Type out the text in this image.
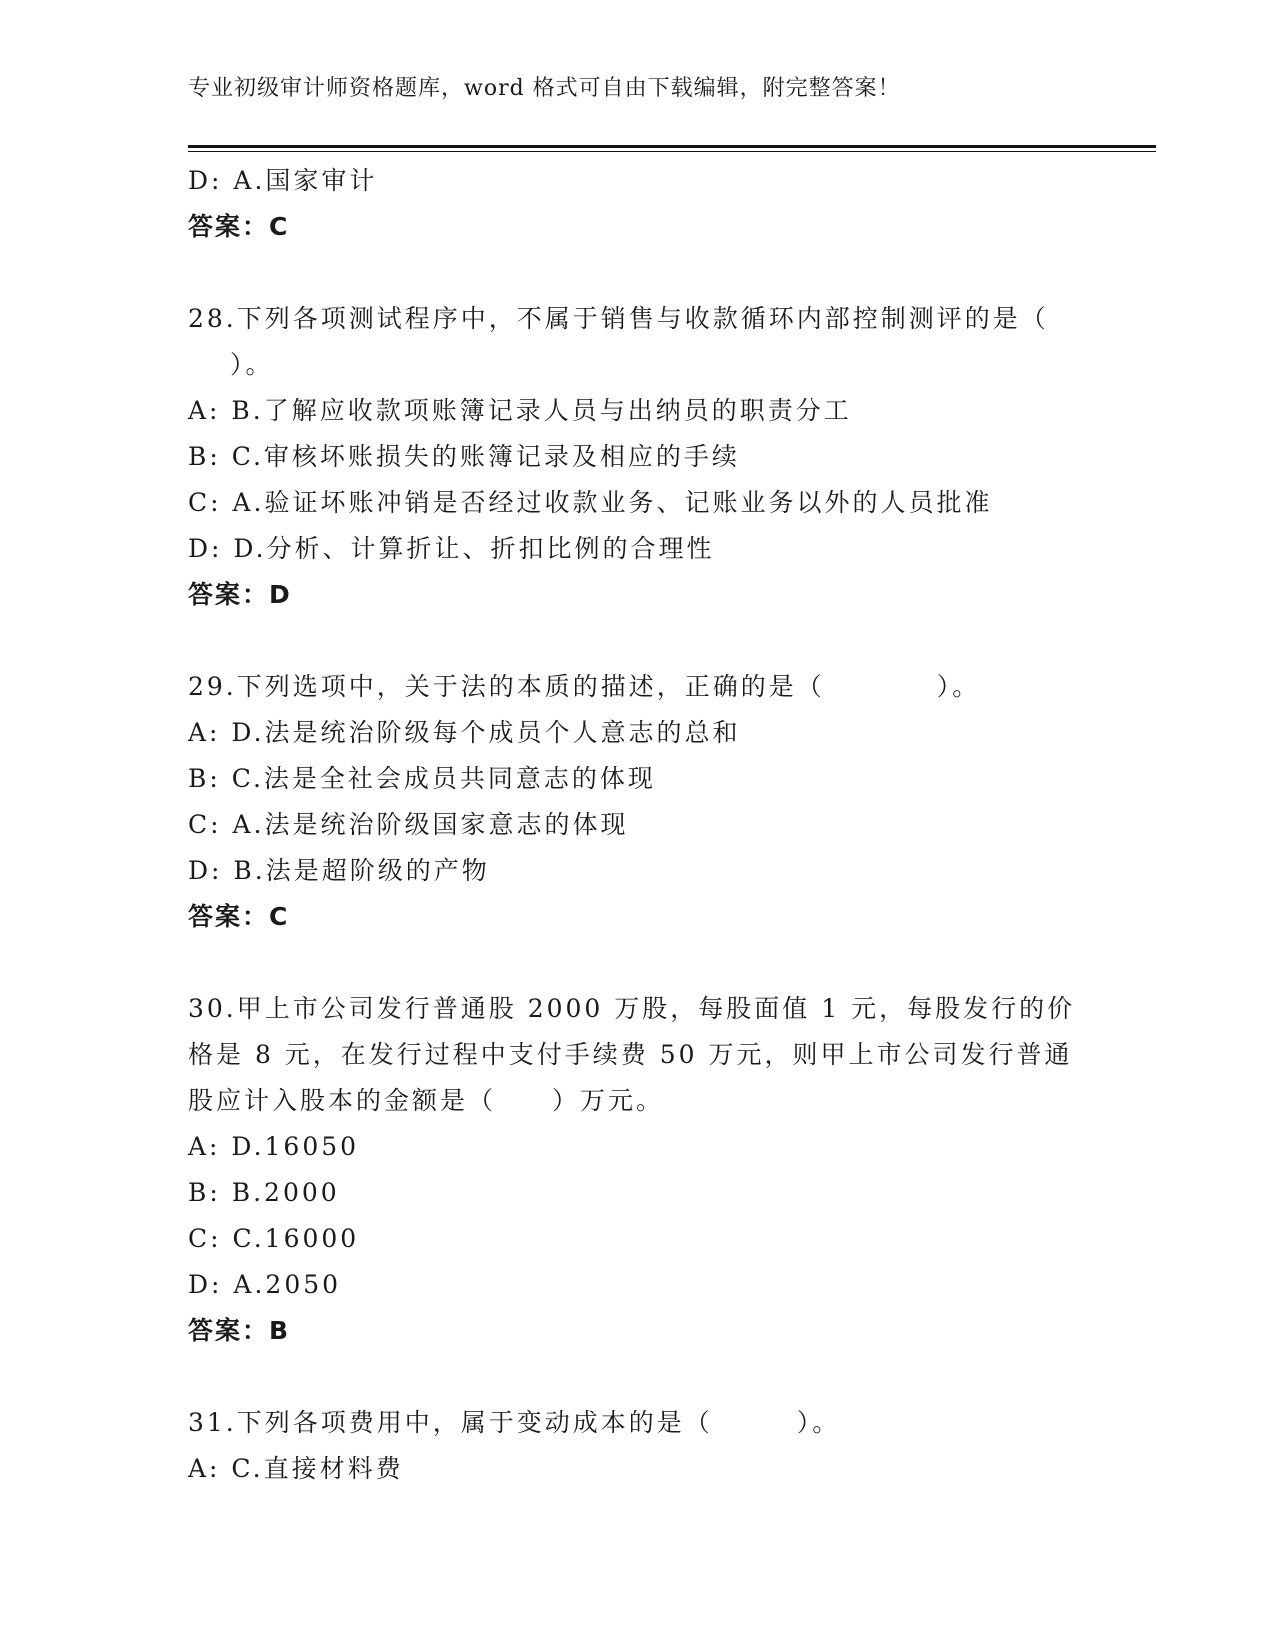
专业初级审计师资格题库，word 格式可自由下载编辑，附完整答案！
D: A.国家审计
答案：C
28.下列各项测试程序中，不属于销售与收款循环内部控制测评的是（
）。
A: B.了解应收款项账簿记录人员与出纳员的职责分工
B: C.审核坏账损失的账簿记录及相应的手续
C: A.验证坏账冲销是否经过收款业务、记账业务以外的人员批准
D: D.分析、计算折让、折扣比例的合理性
答案：D
29.下列选项中，关于法的本质的描述，正确的是（　　　　）。
A: D.法是统治阶级每个成员个人意志的总和
B: C.法是全社会成员共同意志的体现
C: A.法是统治阶级国家意志的体现
D: B.法是超阶级的产物
答案：C
30.甲上市公司发行普通股 2000 万股，每股面值 1 元，每股发行的价
格是 8 元，在发行过程中支付手续费 50 万元，则甲上市公司发行普通
股应计入股本的金额是（　　）万元。
A: D.16050
B: B.2000
C: C.16000
D: A.2050
答案：B
31.下列各项费用中，属于变动成本的是（　　　）。
A: C.直接材料费
